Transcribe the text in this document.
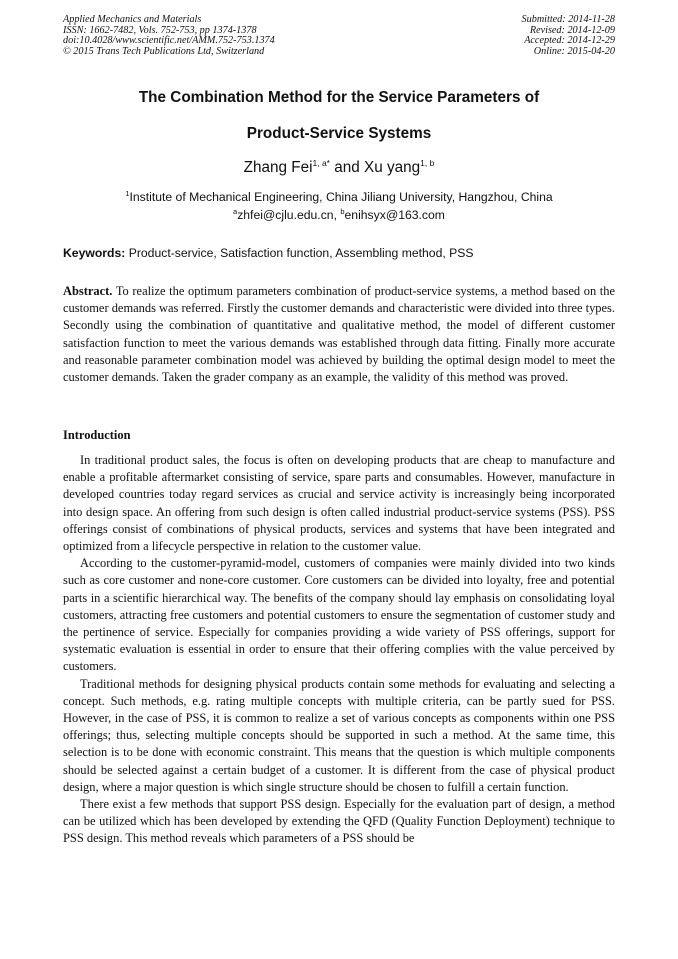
Applied Mechanics and Materials
ISSN: 1662-7482, Vols. 752-753, pp 1374-1378
doi:10.4028/www.scientific.net/AMM.752-753.1374
© 2015 Trans Tech Publications Ltd, Switzerland
Submitted: 2014-11-28
Revised: 2014-12-09
Accepted: 2014-12-29
Online: 2015-04-20
The Combination Method for the Service Parameters of
Product-Service Systems
Zhang Fei$^{1, a*}$ and Xu yang$^{1, b}$
$^1$Institute of Mechanical Engineering, China Jiliang University, Hangzhou, China
$^a$zhfei@cjlu.edu.cn, $^b$enihsyx@163.com
Keywords: Product-service, Satisfaction function, Assembling method, PSS
Abstract. To realize the optimum parameters combination of product-service systems, a method based on the customer demands was referred. Firstly the customer demands and characteristic were divided into three types. Secondly using the combination of quantitative and qualitative method, the model of different customer satisfaction function to meet the various demands was established through data fitting. Finally more accurate and reasonable parameter combination model was achieved by building the optimal design model to meet the customer demands. Taken the grader company as an example, the validity of this method was proved.
Introduction

In traditional product sales, the focus is often on developing products that are cheap to manufacture and enable a profitable aftermarket consisting of service, spare parts and consumables. However, manufacture in developed countries today regard services as crucial and service activity is increasingly being incorporated into design space. An offering from such design is often called industrial product-service systems (PSS). PSS offerings consist of combinations of physical products, services and systems that have been integrated and optimized from a lifecycle perspective in relation to the customer value.

According to the customer-pyramid-model, customers of companies were mainly divided into two kinds such as core customer and none-core customer. Core customers can be divided into loyalty, free and potential parts in a scientific hierarchical way. The benefits of the company should lay emphasis on consolidating loyal customers, attracting free customers and potential customers to ensure the segmentation of customer study and the pertinence of service. Especially for companies providing a wide variety of PSS offerings, support for systematic evaluation is essential in order to ensure that their offering complies with the value perceived by customers.

Traditional methods for designing physical products contain some methods for evaluating and selecting a concept. Such methods, e.g. rating multiple concepts with multiple criteria, can be partly sued for PSS. However, in the case of PSS, it is common to realize a set of various concepts as components within one PSS offerings; thus, selecting multiple concepts should be supported in such a method. At the same time, this selection is to be done with economic constraint. This means that the question is which multiple components should be selected against a certain budget of a customer. It is different from the case of physical product design, where a major question is which single structure should be chosen to fulfill a certain function.

There exist a few methods that support PSS design. Especially for the evaluation part of design, a method can be utilized which has been developed by extending the QFD (Quality Function Deployment) technique to PSS design. This method reveals which parameters of a PSS should be
